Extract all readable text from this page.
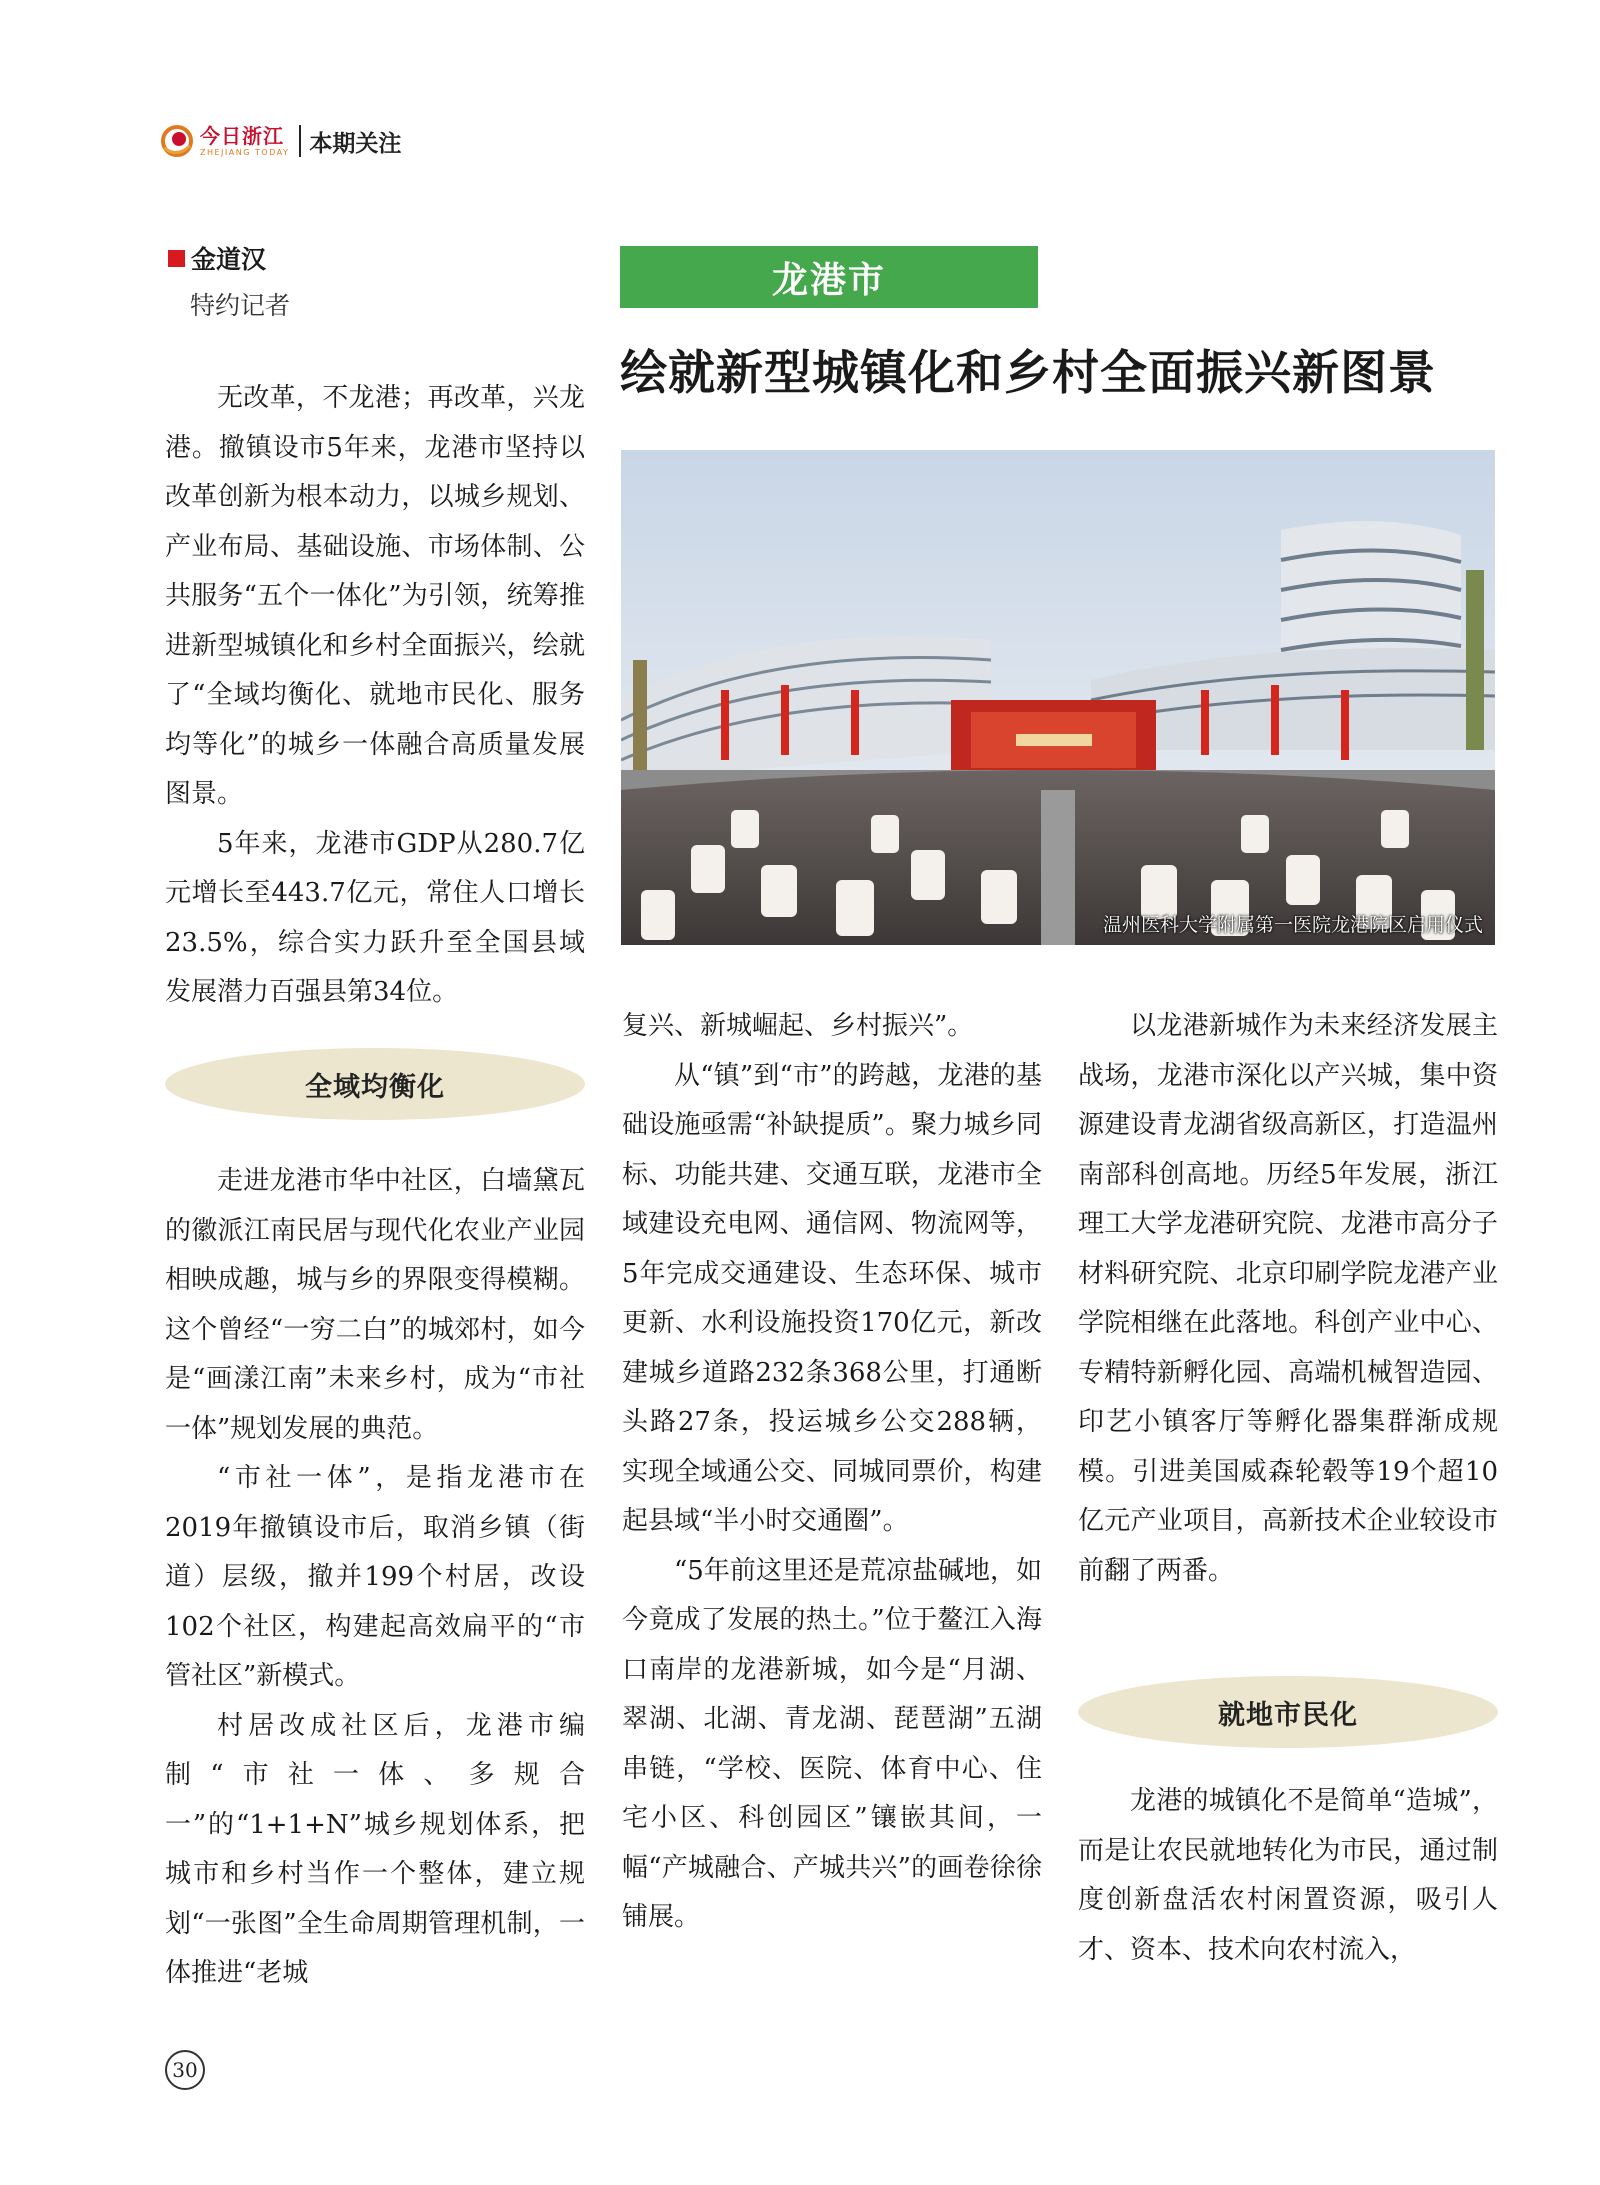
今日浙江
ZHEJIANG TODAY 本期关注
金道汉
特约记者
龙港市
绘就新型城镇化和乡村全面振兴新图景
温州医科大学附属第一医院龙港院区启用仪式

无改革，不龙港；再改革，兴龙港。撤镇设市5年来，龙港市坚持以改革创新为根本动力，以城乡规划、产业布局、基础设施、市场体制、公共服务“五个一体化”为引领，统筹推进新型城镇化和乡村全面振兴，绘就了“全域均衡化、就地市民化、服务均等化”的城乡一体融合高质量发展图景。

5年来，龙港市GDP从280.7亿元增长至443.7亿元，常住人口增长23.5%，综合实力跃升至全国县域发展潜力百强县第34位。

全域均衡化

走进龙港市华中社区，白墙黛瓦的徽派江南民居与现代化农业产业园相映成趣，城与乡的界限变得模糊。这个曾经“一穷二白”的城郊村，如今是“画漾江南”未来乡村，成为“市社一体”规划发展的典范。

“市社一体”，是指龙港市在2019年撤镇设市后，取消乡镇（街道）层级，撤并199个村居，改设102个社区，构建起高效扁平的“市管社区”新模式。

村居改成社区后，龙港市编制“市社一体、多规合一”的“1+1+N”城乡规划体系，把城市和乡村当作一个整体，建立规划“一张图”全生命周期管理机制，一体推进“老城

复兴、新城崛起、乡村振兴”。

从“镇”到“市”的跨越，龙港的基础设施亟需“补缺提质”。聚力城乡同标、功能共建、交通互联，龙港市全域建设充电网、通信网、物流网等，5年完成交通建设、生态环保、城市更新、水利设施投资170亿元，新改建城乡道路232条368公里，打通断头路27条，投运城乡公交288辆，实现全域通公交、同城同票价，构建起县域“半小时交通圈”。

“5年前这里还是荒凉盐碱地，如今竟成了发展的热土。”位于鳌江入海口南岸的龙港新城，如今是“月湖、翠湖、北湖、青龙湖、琵琶湖”五湖串链，“学校、医院、体育中心、住宅小区、科创园区”镶嵌其间，一幅“产城融合、产城共兴”的画卷徐徐铺展。

以龙港新城作为未来经济发展主战场，龙港市深化以产兴城，集中资源建设青龙湖省级高新区，打造温州南部科创高地。历经5年发展，浙江理工大学龙港研究院、龙港市高分子材料研究院、北京印刷学院龙港产业学院相继在此落地。科创产业中心、专精特新孵化园、高端机械智造园、印艺小镇客厅等孵化器集群渐成规模。引进美国威森轮毂等19个超10亿元产业项目，高新技术企业较设市前翻了两番。

就地市民化

龙港的城镇化不是简单“造城”，而是让农民就地转化为市民，通过制度创新盘活农村闲置资源，吸引人才、资本、技术向农村流入，

30
